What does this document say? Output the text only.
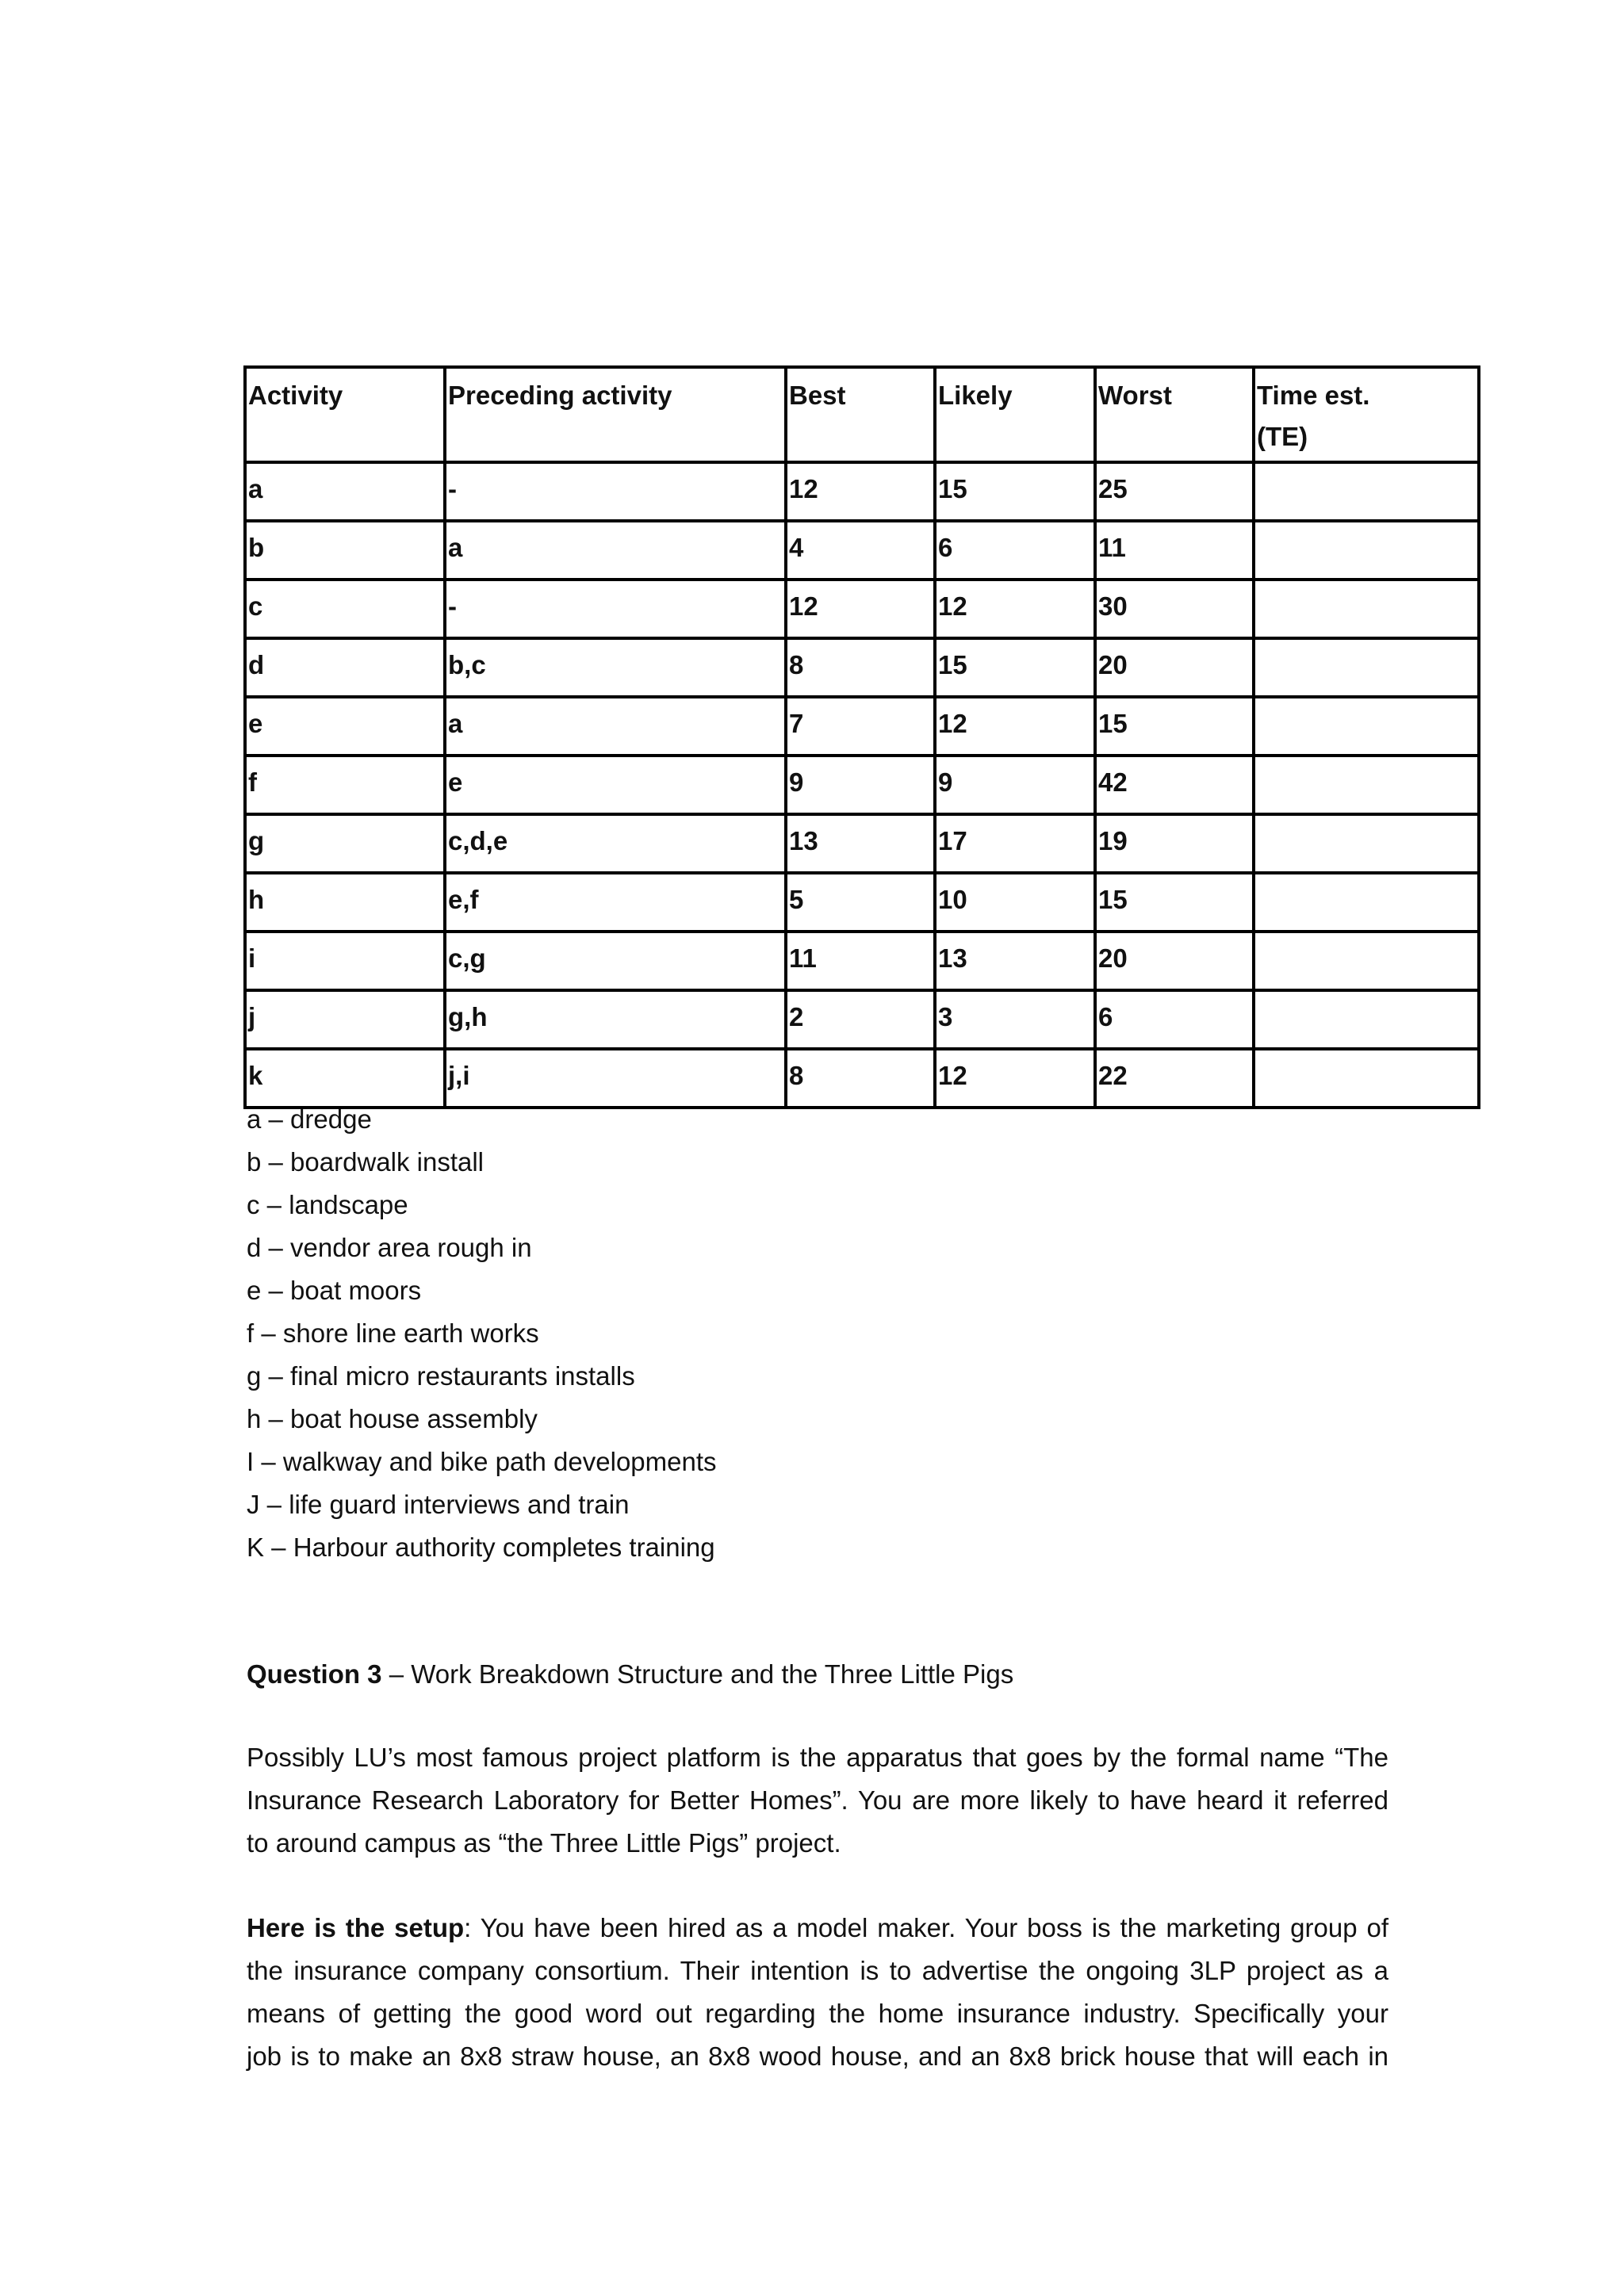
Activity	Preceding activity	Best	Likely	Worst	Time est.
(TE)

a	-	12	15	25	
b	a	4	6	11	
c	-	12	12	30	
d	b,c	8	15	20	
e	a	7	12	15	
f	e	9	9	42	
g	c,d,e	13	17	19	
h	e,f	5	10	15	
i	c,g	11	13	20	
j	g,h	2	3	6	
k	j,i	8	12	22	
a – dredge
b – boardwalk install
c – landscape
d – vendor area rough in
e – boat moors
f – shore line earth works
g – final micro restaurants installs
h – boat house assembly
I – walkway and bike path developments
J – life guard interviews and train
K – Harbour authority completes training

Question 3 – Work Breakdown Structure and the Three Little Pigs

Possibly LU’s most famous project platform is the apparatus that goes by the formal name “The
Insurance Research Laboratory for Better Homes”. You are more likely to have heard it referred
to around campus as “the Three Little Pigs” project.

Here is the setup: You have been hired as a model maker. Your boss is the marketing group of
the insurance company consortium. Their intention is to advertise the ongoing 3LP project as a
means of getting the good word out regarding the home insurance industry. Specifically your
job is to make an 8x8 straw house, an 8x8 wood house, and an 8x8 brick house that will each in
